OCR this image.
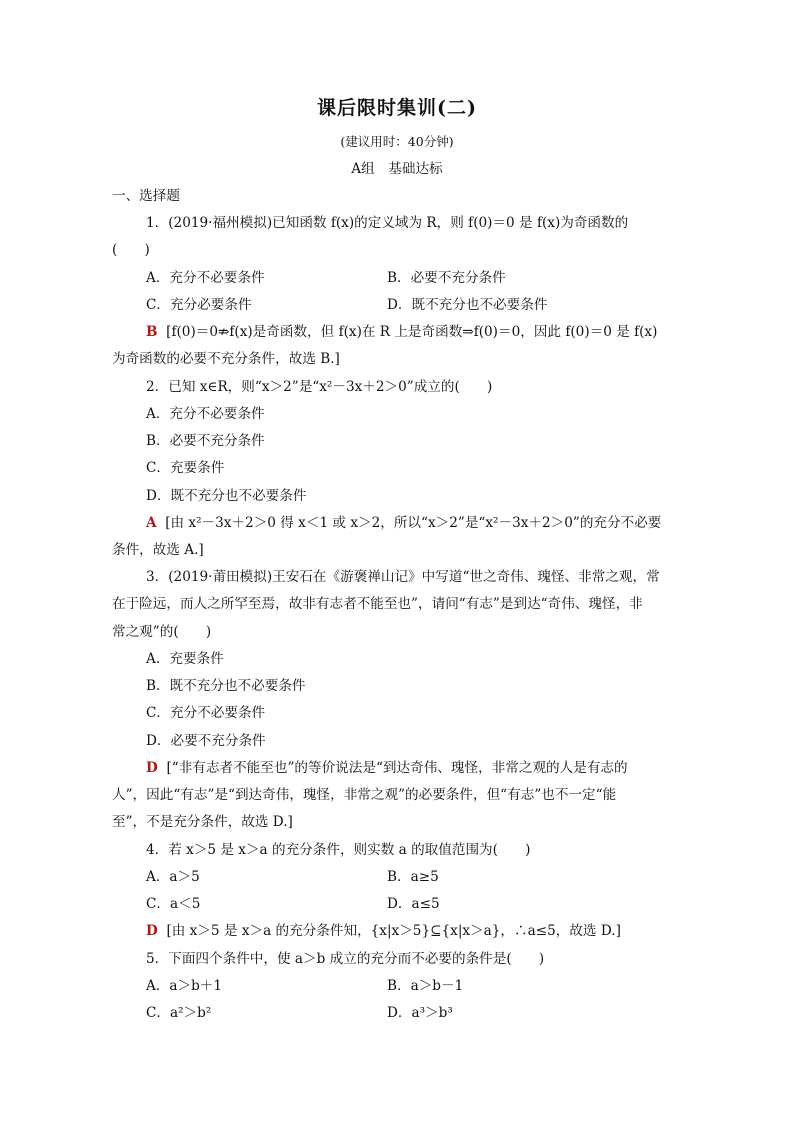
课后限时集训(二)
(建议用时：40分钟)
A组　基础达标
一、选择题
1．(2019·福州模拟)已知函数 f(x)的定义域为 R，则 f(0)＝0 是 f(x)为奇函数的
(　　)
A．充分不必要条件	B．必要不充分条件
C．充分必要条件	D．既不充分也不必要条件
B [f(0)＝0⇏f(x)是奇函数，但 f(x)在 R 上是奇函数⇒f(0)＝0，因此 f(0)＝0 是 f(x)
为奇函数的必要不充分条件，故选 B.]
2．已知 x∈R，则“x＞2”是“x²－3x＋2＞0”成立的(　　)
A．充分不必要条件
B．必要不充分条件
C．充要条件
D．既不充分也不必要条件
A [由 x²－3x＋2＞0 得 x＜1 或 x＞2，所以“x＞2”是“x²－3x＋2＞0”的充分不必要
条件，故选 A.]
3．(2019·莆田模拟)王安石在《游褒禅山记》中写道“世之奇伟、瑰怪、非常之观，常
在于险远，而人之所罕至焉，故非有志者不能至也”，请问“有志”是到达“奇伟、瑰怪，非
常之观”的(　　)
A．充要条件
B．既不充分也不必要条件
C．充分不必要条件
D．必要不充分条件
D [“非有志者不能至也”的等价说法是“到达奇伟、瑰怪，非常之观的人是有志的
人”，因此“有志”是“到达奇伟，瑰怪，非常之观”的必要条件，但“有志”也不一定“能
至”，不是充分条件，故选 D.]
4．若 x＞5 是 x＞a 的充分条件，则实数 a 的取值范围为(　　)
A．a＞5	B．a≥5
C．a＜5	D．a≤5
D [由 x＞5 是 x＞a 的充分条件知，{x|x＞5}⊆{x|x＞a}，∴a≤5，故选 D.]
5．下面四个条件中，使 a＞b 成立的充分而不必要的条件是(　　)
A．a＞b＋1	B．a＞b－1
C．a²＞b²	D．a³＞b³
